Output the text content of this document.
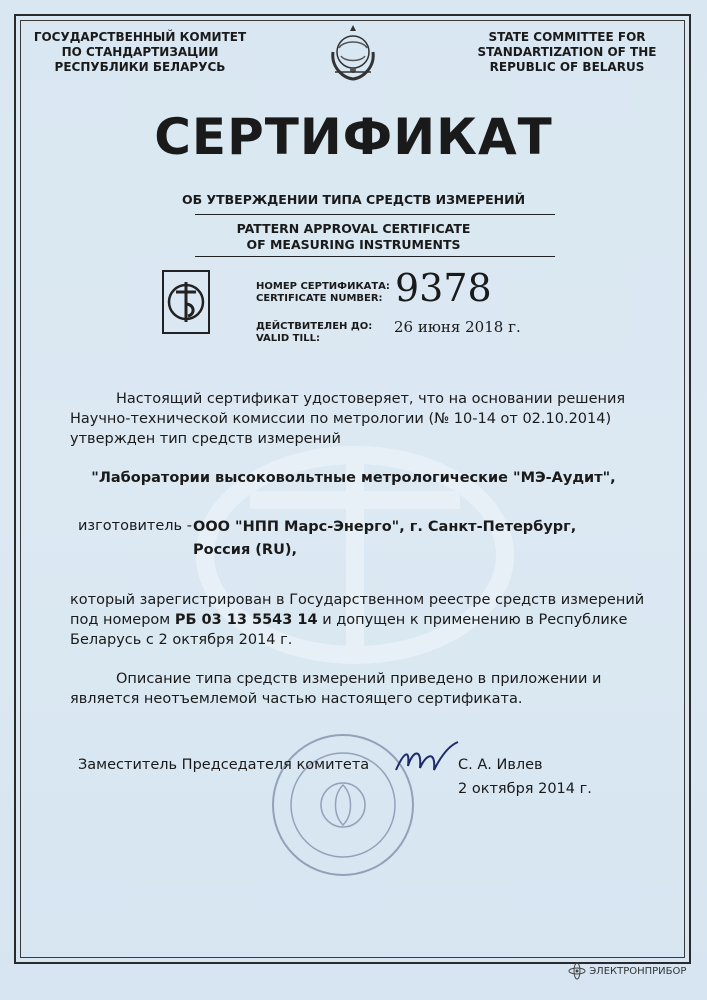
ГОСУДАРСТВЕННЫЙ КОМИТЕТ
ПО СТАНДАРТИЗАЦИИ
РЕСПУБЛИКИ БЕЛАРУСЬ
STATE COMMITTEE FOR
STANDARTIZATION OF THE
REPUBLIC OF BELARUS
СЕРТИФИКАТ
ОБ УТВЕРЖДЕНИИ ТИПА СРЕДСТВ ИЗМЕРЕНИЙ
PATTERN APPROVAL CERTIFICATE
OF MEASURING INSTRUMENTS
НОМЕР СЕРТИФИКАТА:
CERTIFICATE NUMBER: 9378
ДЕЙСТВИТЕЛЕН ДО:
VALID TILL:
26 июня 2018 г.
Настоящий сертификат удостоверяет, что на основании решения
Научно-технической комиссии по метрологии (№ 10-14 от 02.10.2014)
утвержден тип средств измерений
"Лаборатории высоковольтные метрологические "МЭ-Аудит",
изготовитель - ООО "НПП Марс-Энерго", г. Санкт-Петербург,
Россия (RU),
который зарегистрирован в Государственном реестре средств измерений
под номером РБ 03 13 5543 14 и допущен к применению в Республике
Беларусь с 2 октября 2014 г.
Описание типа средств измерений приведено в приложении и
является неотъемлемой частью настоящего сертификата.
Заместитель Председателя комитета	С. А. Ивлев
2 октября 2014 г.
ЭЛЕКТРОНПРИБОР
